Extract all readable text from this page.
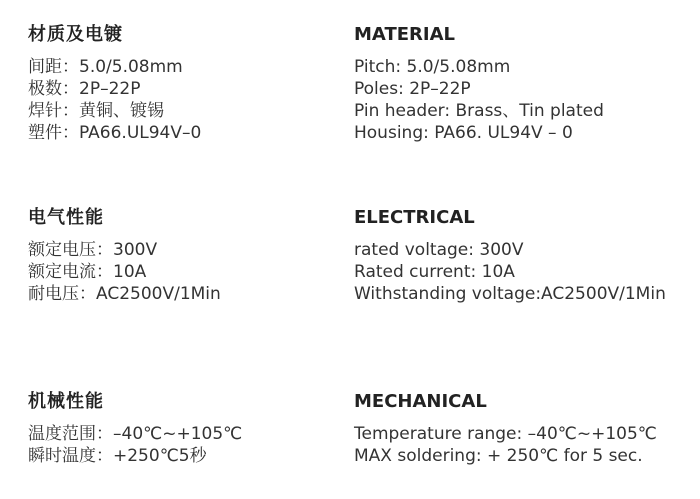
材质及电镀
间距：5.0/5.08mm
极数：2P–22P
焊针：黄铜、镀锡
塑件：PA66.UL94V–0
MATERIAL
Pitch: 5.0/5.08mm
Poles: 2P–22P
Pin header: Brass、Tin plated
Housing: PA66. UL94V – 0
电气性能
额定电压：300V
额定电流：10A
耐电压：AC2500V/1Min
ELECTRICAL
rated voltage: 300V
Rated current: 10A
Withstanding voltage:AC2500V/1Min
机械性能
温度范围：–40℃~+105℃
瞬时温度：+250℃5秒
MECHANICAL
Temperature range: –40℃~+105℃
MAX soldering: + 250℃ for 5 sec.
